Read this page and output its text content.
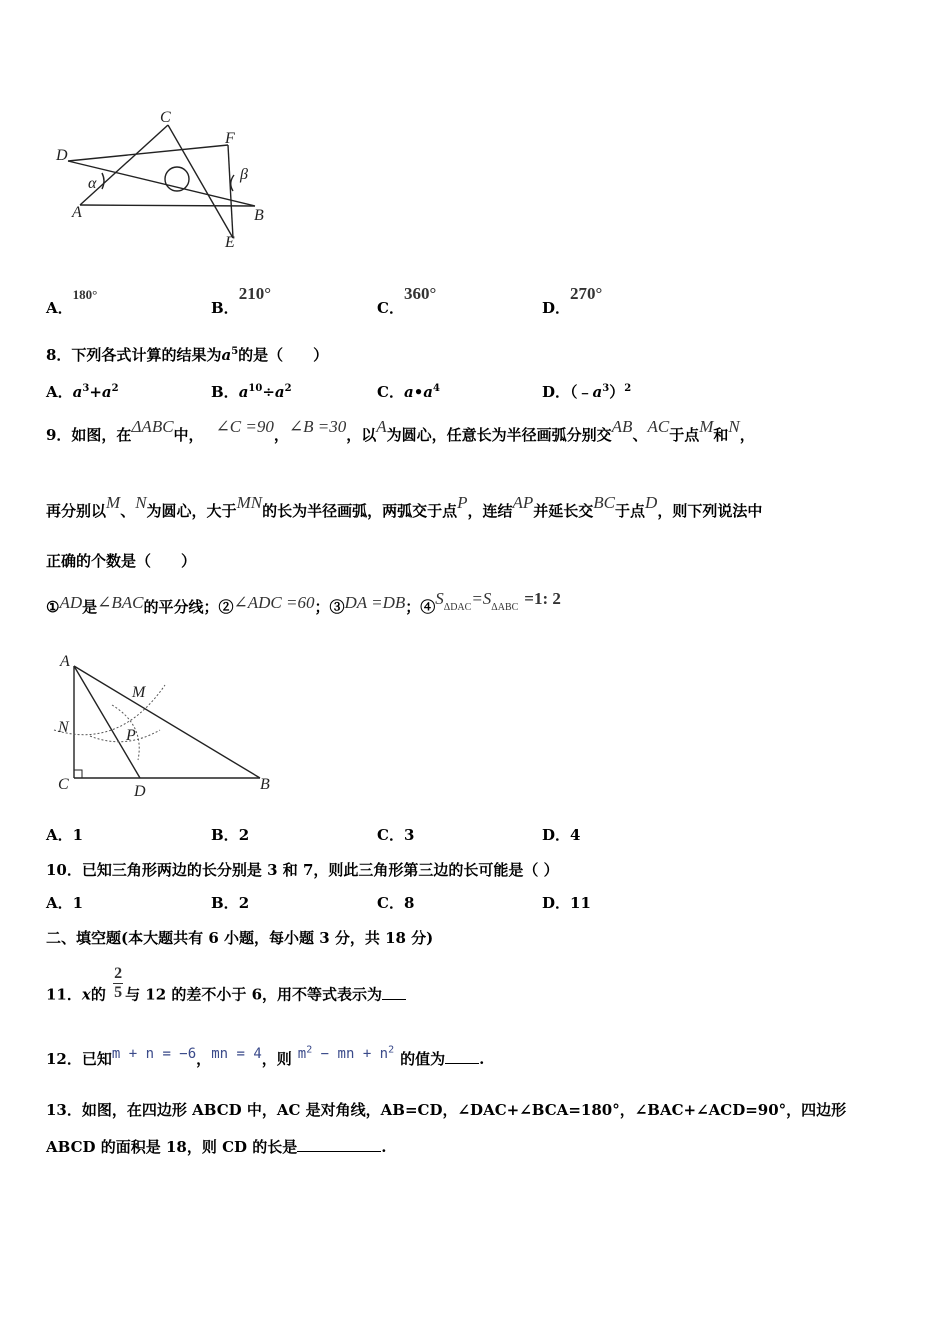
C
F
D
α
β
A	B
E
A．180°
B．210°
C．360°
D．270°
8．下列各式计算的结果为$a^5$的是（　　）
A．$a^3+a^2$	B．$a^{10}\div a^2$	C．$a•a^4$	D．$(﹣a^3)^2$
9．如图，在ΔABC中， ∠C =90，∠B =30，以A为圆心，任意长为半径画弧分别交AB、AC于点M和N，
再分别以M、N为圆心，大于MN的长为半径画弧，两弧交于点P，连结AP并延长交BC于点D，则下列说法中
正确的个数是（　　）
①AD是∠BAC的平分线；②∠ADC =60；③DA =DB；$④S_{\Delta DAC}=S_{\Delta ABC} =1$: 2
A
M
N	P
C	D	B
A．1	B．2	C．3	D．4
10．已知三角形两边的长分别是 3 和 7，则此三角形第三边的长可能是（ ）
A．1	B．2	C．8	D．11
二、填空题(本大题共有 6 小题，每小题 3 分，共 18 分)
11．x的 $\frac{2}{5}$ 与 12 的差不小于 6，用不等式表示为
12．已知m + n = −6，mn = 4，则 $m^2$ − mn + $n^2$的值为 .
13．如图，在四边形 ABCD 中，AC 是对角线，AB=CD，∠DAC+∠BCA=180°，∠BAC+∠ACD=90°，四边形
ABCD 的面积是 18，则 CD 的长是	.
